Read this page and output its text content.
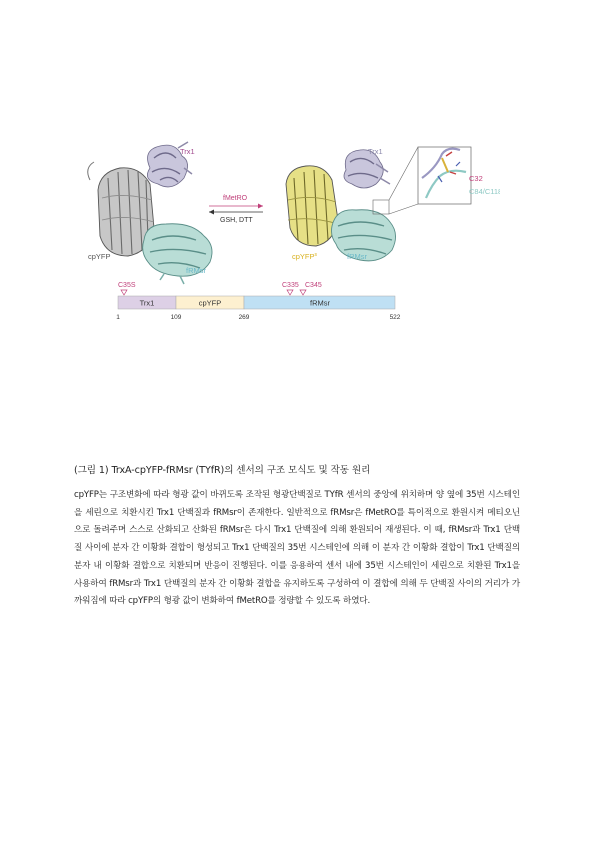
Trx1
cpYFP
fRMsr
fMetRO
GSH, DTT
Trx1
cpYFP$^s$	fRMsr
C32
C84/C118
C35S	C335 C345
Trx1	cpYFP	fRMsr
1	109	269	522
(그림 1) TrxA-cpYFP-fRMsr (TYfR)의 센서의 구조 모식도 및 작동 원리
cpYFP는 구조변화에 따라 형광 값이 바뀌도록 조작된 형광단백질로 TYfR 센서의 중앙에 위치하며 양 옆에 35번 시스테인을 세린으로 치환시킨 Trx1 단백질과 fRMsr이 존재한다. 일반적으로 fRMsr은 fMetRO를 특이적으로 환원시켜 메티오닌으로 돌려주며 스스로 산화되고 산화된 fRMsr은 다시 Trx1 단백질에 의해 환원되어 재생된다. 이 때, fRMsr과 Trx1 단백질 사이에 분자 간 이황화 결합이 형성되고 Trx1 단백질의 35번 시스테인에 의해 이 분자 간 이황화 결합이 Trx1 단백질의 분자 내 이황화 결합으로 치환되며 반응이 진행된다. 이를 응용하여 센서 내에 35번 시스테인이 세린으로 치환된 Trx1을 사용하여 fRMsr과 Trx1 단백질의 분자 간 이황화 결합을 유지하도록 구성하여 이 결합에 의해 두 단백질 사이의 거리가 가까워짐에 따라 cpYFP의 형광 값이 변화하여 fMetRO를 정량할 수 있도록 하였다.
